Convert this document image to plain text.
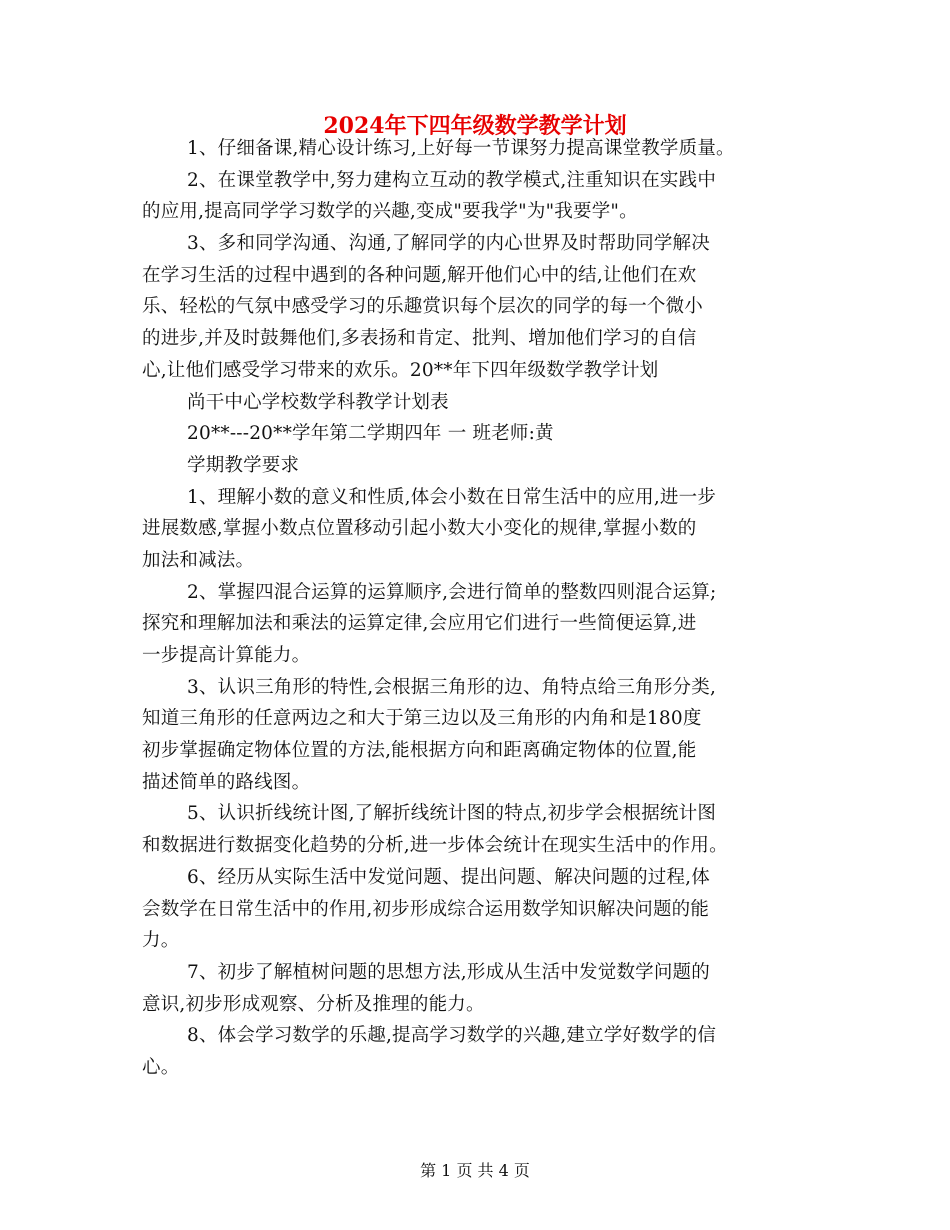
2024年下四年级数学教学计划
1、仔细备课,精心设计练习,上好每一节课努力提高课堂教学质量。
2、在课堂教学中,努力建构立互动的教学模式,注重知识在实践中
的应用,提高同学学习数学的兴趣,变成"要我学"为"我要学"。
3、多和同学沟通、沟通,了解同学的内心世界及时帮助同学解决
在学习生活的过程中遇到的各种问题,解开他们心中的结,让他们在欢
乐、轻松的气氛中感受学习的乐趣赏识每个层次的同学的每一个微小
的进步,并及时鼓舞他们,多表扬和肯定、批判、增加他们学习的自信
心,让他们感受学习带来的欢乐。20**年下四年级数学教学计划
尚干中心学校数学科教学计划表
20**---20**学年第二学期四年 一 班老师:黄
学期教学要求
1、理解小数的意义和性质,体会小数在日常生活中的应用,进一步
进展数感,掌握小数点位置移动引起小数大小变化的规律,掌握小数的
加法和减法。
2、掌握四混合运算的运算顺序,会进行简单的整数四则混合运算;
探究和理解加法和乘法的运算定律,会应用它们进行一些简便运算,进
一步提高计算能力。
3、认识三角形的特性,会根据三角形的边、角特点给三角形分类,
知道三角形的任意两边之和大于第三边以及三角形的内角和是180度
初步掌握确定物体位置的方法,能根据方向和距离确定物体的位置,能
描述简单的路线图。
5、认识折线统计图,了解折线统计图的特点,初步学会根据统计图
和数据进行数据变化趋势的分析,进一步体会统计在现实生活中的作用。
6、经历从实际生活中发觉问题、提出问题、解决问题的过程,体
会数学在日常生活中的作用,初步形成综合运用数学知识解决问题的能
力。
7、初步了解植树问题的思想方法,形成从生活中发觉数学问题的
意识,初步形成观察、分析及推理的能力。
8、体会学习数学的乐趣,提高学习数学的兴趣,建立学好数学的信
心。
第 1 页 共 4 页
